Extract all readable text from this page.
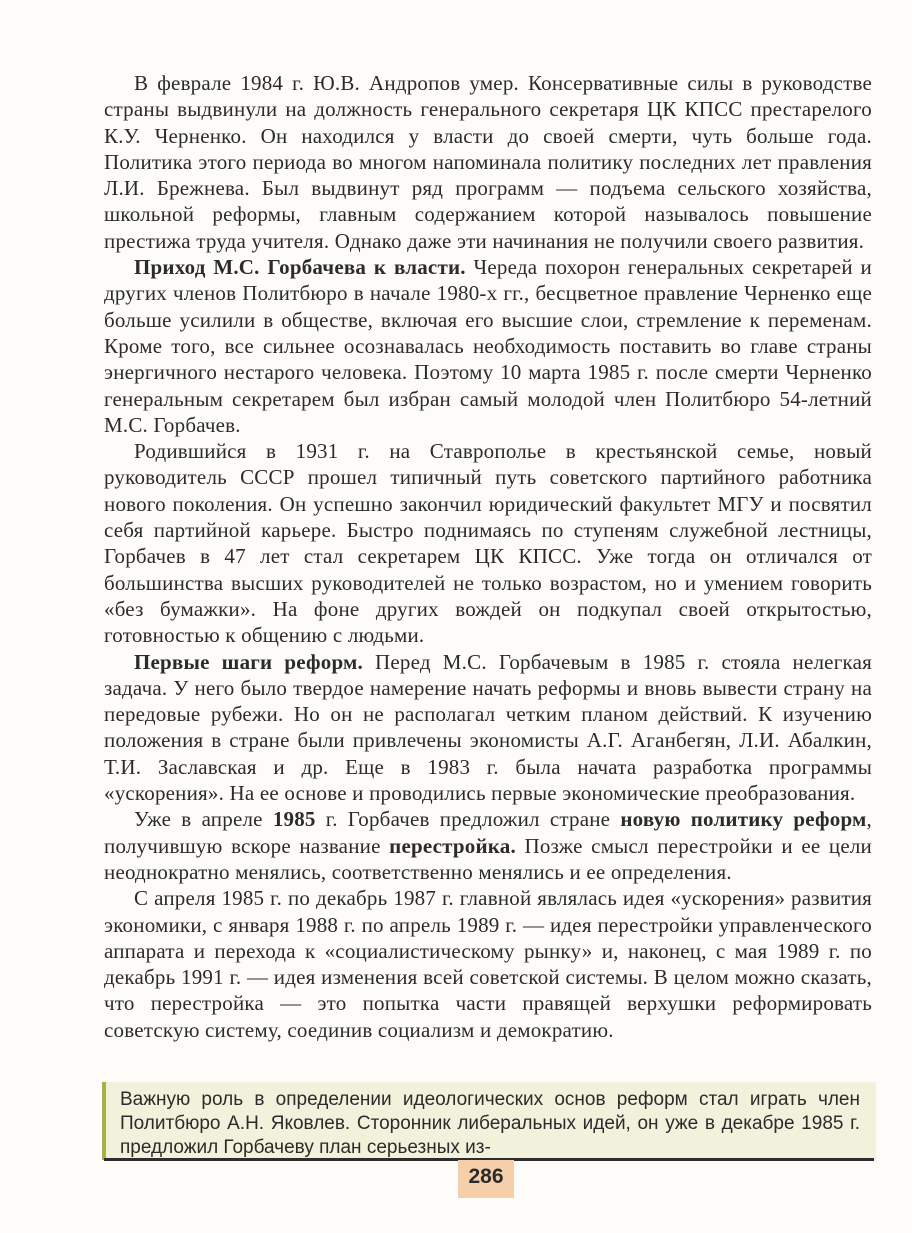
В феврале 1984 г. Ю.В. Андропов умер. Консервативные силы в руководстве страны выдвинули на должность генерального секретаря ЦК КПСС престарелого К.У. Черненко. Он находился у власти до своей смерти, чуть больше года. Политика этого периода во многом напоминала политику последних лет правления Л.И. Брежнева. Был выдвинут ряд программ — подъема сельского хозяйства, школьной реформы, главным содержанием которой называлось повышение престижа труда учителя. Однако даже эти начинания не получили своего развития.

Приход М.С. Горбачева к власти. Череда похорон генеральных секретарей и других членов Политбюро в начале 1980-х гг., бесцветное правление Черненко еще больше усилили в обществе, включая его высшие слои, стремление к переменам. Кроме того, все сильнее осознавалась необходимость поставить во главе страны энергичного нестарого человека. Поэтому 10 марта 1985 г. после смерти Черненко генеральным секретарем был избран самый молодой член Политбюро 54-летний М.С. Горбачев.

Родившийся в 1931 г. на Ставрополье в крестьянской семье, новый руководитель СССР прошел типичный путь советского партийного работника нового поколения. Он успешно закончил юридический факультет МГУ и посвятил себя партийной карьере. Быстро поднимаясь по ступеням служебной лестницы, Горбачев в 47 лет стал секретарем ЦК КПСС. Уже тогда он отличался от большинства высших руководителей не только возрастом, но и умением говорить «без бумажки». На фоне других вождей он подкупал своей открытостью, готовностью к общению с людьми.

Первые шаги реформ. Перед М.С. Горбачевым в 1985 г. стояла нелегкая задача. У него было твердое намерение начать реформы и вновь вывести страну на передовые рубежи. Но он не располагал четким планом действий. К изучению положения в стране были привлечены экономисты А.Г. Аганбегян, Л.И. Абалкин, Т.И. Заславская и др. Еще в 1983 г. была начата разработка программы «ускорения». На ее основе и проводились первые экономические преобразования.

Уже в апреле 1985 г. Горбачев предложил стране новую политику реформ, получившую вскоре название перестройка. Позже смысл перестройки и ее цели неоднократно менялись, соответственно менялись и ее определения.

С апреля 1985 г. по декабрь 1987 г. главной являлась идея «ускорения» развития экономики, с января 1988 г. по апрель 1989 г. — идея перестройки управленческого аппарата и перехода к «социалистическому рынку» и, наконец, с мая 1989 г. по декабрь 1991 г. — идея изменения всей советской системы. В целом можно сказать, что перестройка — это попытка части правящей верхушки реформировать советскую систему, соединив социализм и демократию.

Важную роль в определении идеологических основ реформ стал играть член Политбюро А.Н. Яковлев. Сторонник либеральных идей, он уже в декабре 1985 г. предложил Горбачеву план серьезных из-
286
